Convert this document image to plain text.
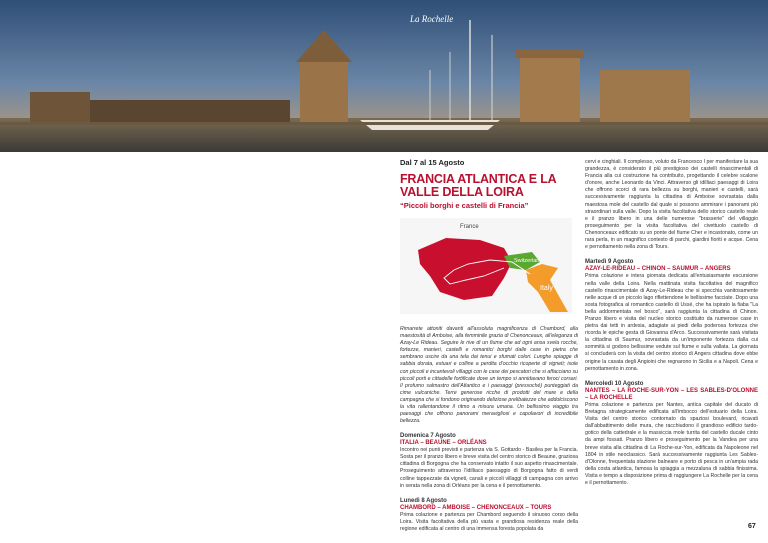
La Rochelle
Dal 7 al 15 Agosto
FRANCIA ATLANTICA E LA
VALLE DELLA LOIRA
“Piccoli borghi e castelli di Francia”
France
Switzerland
Italy
Rimarrete attoniti davanti all'assoluta magnificenza di Chambord, alla maestosità di Amboise, alla femminile grazia di Chenonceaux, all'eleganza di Azay-Le Rideau. Seguire le rive di un fiume che ad ogni ansa svela rocche, fortezze, manieri, castelli e romantici borghi dalle case in pietra che sembrano uscire da una tela dai tenui e sfumati colori. Lunghe spiagge di sabbia dorata, estuari e colline a perdita d'occhio ricoperte di vigneti; isole con piccoli e incantevoli villaggi con le case dei pescatori che si affacciano su piccoli porti e cittadelle fortificate dove un tempo si annidavano feroci corsari. Il profumo salmastro dell'Atlantico e i paesaggi (pressoché) punteggiati da cime vulcaniche. Terre generose ricche di prodotti del mare e della campagna che si fondono originando deliziose prelibatezze che addolciscono la vita rallentandone il ritmo a misura umana. Un bellissimo viaggio tra paesaggi che offrono panorami meravigliosi e capolavori di incredibile bellezza.
Domenica 7 Agosto
ITALIA – BEAUNE – ORLÉANS
Incontro nei punti previsti e partenza via S. Gottardo - Basilea per la Francia. Sosta per il pranzo libero e breve visita del centro storico di Beaune, graziosa cittadina di Borgogna che ha conservato intatto il suo aspetto rinascimentale. Proseguimento attraverso l'idilliaco paesaggio di Borgogna fatto di verdi colline tappezzate da vigneti, canali e piccoli villaggi di campagna con arrivo in serata nella zona di Orléans per la cena e il pernottamento.
Lunedì 8 Agosto
CHAMBORD – AMBOISE – CHENONCEAUX – TOURS
Prima colazione e partenza per Chambord seguendo il sinuoso corso della Loira. Visita facoltativa della più vasta e grandiosa residenza reale della regione edificata al centro di una immensa foresta popolata da
cervi e cinghiali. Il complesso, voluto da Francesco I per manifestare la sua grandezza, è considerato il più prestigioso dei castelli rinascimentali di Francia alla cui costruzione ha contribuito, progettando il celebre scalone d'onore, anche Leonardo da Vinci. Attraverso gli idilliaci paesaggi di Loira che offrono scorci di rara bellezza su borghi, manieri e castelli, sarà successivamente raggiunta la cittadina di Amboise sovrastata dalla maestosa mole del castello dal quale si possono ammirare i panorami più straordinari sulla valle. Dopo la visita facoltativa dello storico castello reale e il pranzo libero in una delle numerose "brasserie" del villaggio proseguimento per la visita facoltativa del civettuolo castello di Chenonceaux edificato su un ponte del fiume Cher e incastonato, come un rara perla, in un magnifico contesto di parchi, giardini fioriti e acque. Cena e pernottamento nella zona di Tours.
Martedì 9 Agosto
AZAY-LE-RIDEAU – CHINON – SAUMUR – ANGERS
Prima colazione e intera giornata dedicata all'entusiasmante escursione nella valle della Loira. Nella mattinata visita facoltativa del magnifico castello rinascimentale di Azay-Le-Rideau che si specchia vanitosamente nelle acque di un piccolo lago riflettendone le bellissime facciate. Dopo una sosta fotografica al romantico castello di Ussé, che ha ispirato la fiaba "La bella addormentata nel bosco", sarà raggiunta la cittadina di Chinon. Pranzo libero e visita del nucleo storico costituito da numerose case in pietra dai tetti in ardesia, adagiate ai piedi della poderosa fortezza che ricorda le epiche gesta di Giovanna d'Arco. Successivamente sarà visitata la cittadina di Saumur, sovrastata da un'imponente fortezza dalla cui sommità si godono bellissime vedute sul fiume e sulla vallata. La giornata si concluderà con la visita del centro storico di Angers cittadina dove ebbe origine la casata degli Angioini che regnarono in Sicilia e a Napoli. Cena e pernottamento in zona.
Mercoledì 10 Agosto
NANTES – LA ROCHE-SUR-YON – LES SABLES-D'OLONNE – LA ROCHELLE
Prima colazione e partenza per Nantes, antica capitale del ducato di Bretagna strategicamente edificata all'imbocco dell'estuario della Loira. Visita del centro storico contornato da spaziosi boulevard, ricavati dall'abbattimento delle mura, che racchiudono il grandioso edificio tardo-gotico della cattedrale e la massiccia mole turrita del castello ducale cinto da ampi fossati. Pranzo libero e proseguimento per la Vandea per una breve visita alla cittadina di La Roche-sur-Yon, edificata da Napoleone nel 1804 in stile neoclassico. Sarà successivamente raggiunta Les Sables-d'Olonne, frequentata stazione balneare e porto di pesca in un'ampia rada della costa atlantica, famosa la spiaggia a mezzaluna di sabbia finissima. Visita e tempo a disposizione prima di raggiungere La Rochelle per la cena e il pernottamento.
67
